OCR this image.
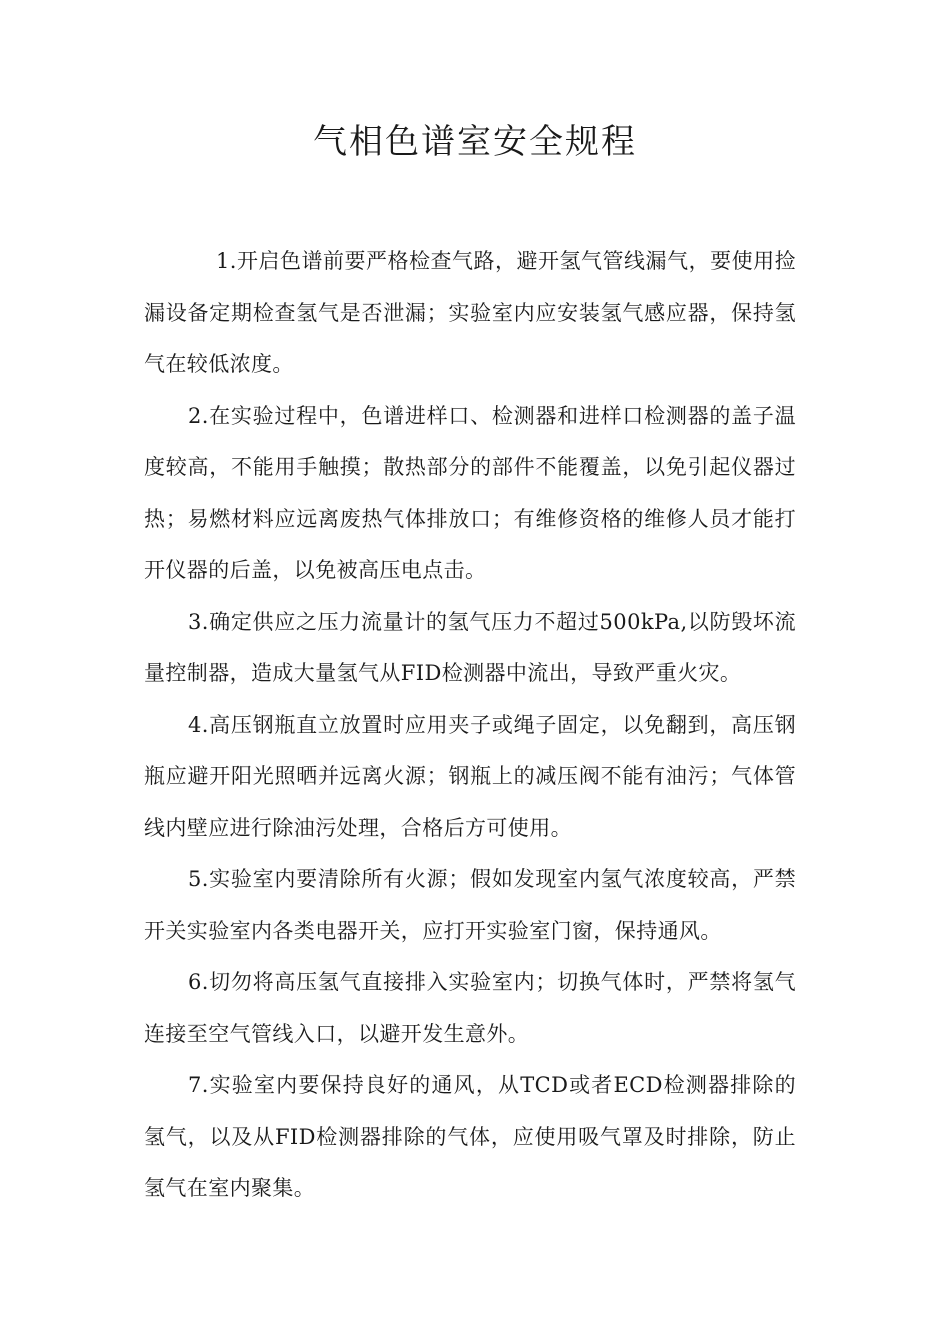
气相色谱室安全规程

1.开启色谱前要严格检查气路，避开氢气管线漏气，要使用捡漏设备定期检查氢气是否泄漏；实验室内应安装氢气感应器，保持氢气在较低浓度。

2.在实验过程中，色谱进样口、检测器和进样口检测器的盖子温度较高，不能用手触摸；散热部分的部件不能覆盖，以免引起仪器过热；易燃材料应远离废热气体排放口；有维修资格的维修人员才能打开仪器的后盖，以免被高压电点击。

3.确定供应之压力流量计的氢气压力不超过500kPa,以防毁坏流量控制器，造成大量氢气从FID检测器中流出，导致严重火灾。

4.高压钢瓶直立放置时应用夹子或绳子固定，以免翻到，高压钢瓶应避开阳光照晒并远离火源；钢瓶上的减压阀不能有油污；气体管线内壁应进行除油污处理，合格后方可使用。

5.实验室内要清除所有火源；假如发现室内氢气浓度较高，严禁开关实验室内各类电器开关，应打开实验室门窗，保持通风。

6.切勿将高压氢气直接排入实验室内；切换气体时，严禁将氢气连接至空气管线入口，以避开发生意外。

7.实验室内要保持良好的通风，从TCD或者ECD检测器排除的氢气，以及从FID检测器排除的气体，应使用吸气罩及时排除，防止氢气在室内聚集。
